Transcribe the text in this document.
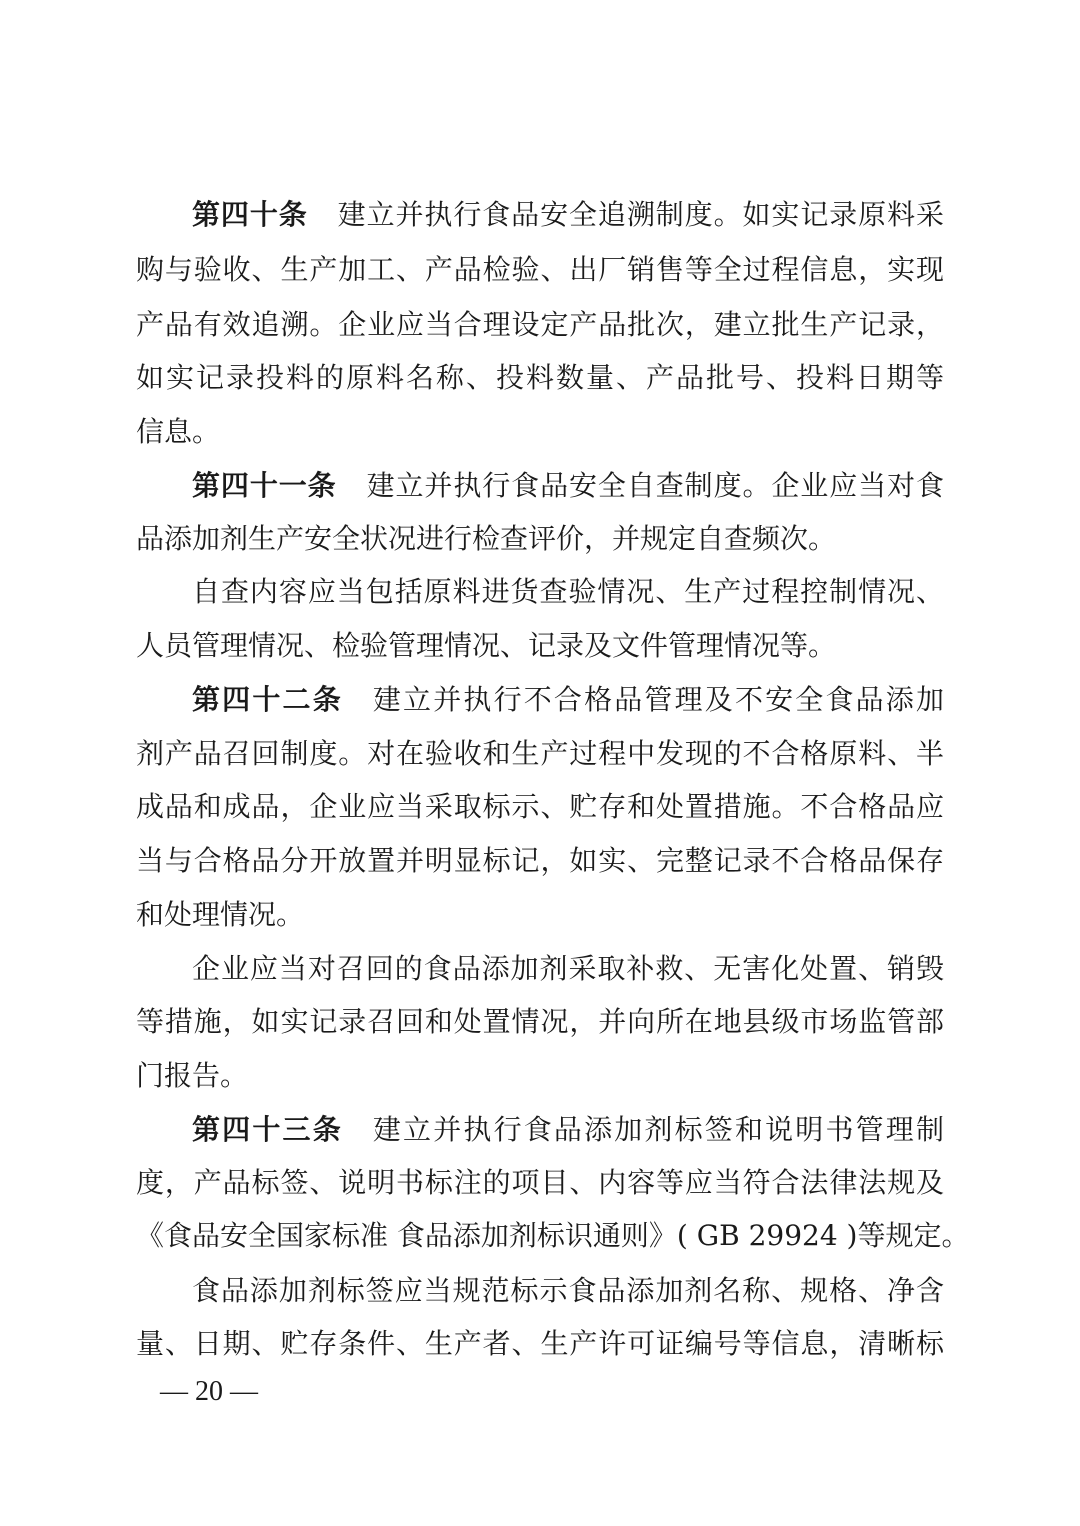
第四十条 建立并执行食品安全追溯制度。如实记录原料采
购与验收、生产加工、产品检验、出厂销售等全过程信息，实现
产品有效追溯。企业应当合理设定产品批次，建立批生产记录，
如实记录投料的原料名称、投料数量、产品批号、投料日期等
信息。
第四十一条 建立并执行食品安全自查制度。企业应当对食
品添加剂生产安全状况进行检查评价，并规定自查频次。
自查内容应当包括原料进货查验情况、生产过程控制情况、
人员管理情况、检验管理情况、记录及文件管理情况等。
第四十二条 建立并执行不合格品管理及不安全食品添加
剂产品召回制度。对在验收和生产过程中发现的不合格原料、半
成品和成品，企业应当采取标示、贮存和处置措施。不合格品应
当与合格品分开放置并明显标记，如实、完整记录不合格品保存
和处理情况。
企业应当对召回的食品添加剂采取补救、无害化处置、销毁
等措施，如实记录召回和处置情况，并向所在地县级市场监管部
门报告。
第四十三条 建立并执行食品添加剂标签和说明书管理制
度，产品标签、说明书标注的项目、内容等应当符合法律法规及
《食品安全国家标准 食品添加剂标识通则》( GB 29924 )等规定。
食品添加剂标签应当规范标示食品添加剂名称、规格、净含
量、日期、贮存条件、生产者、生产许可证编号等信息，清晰标
— 20 —
